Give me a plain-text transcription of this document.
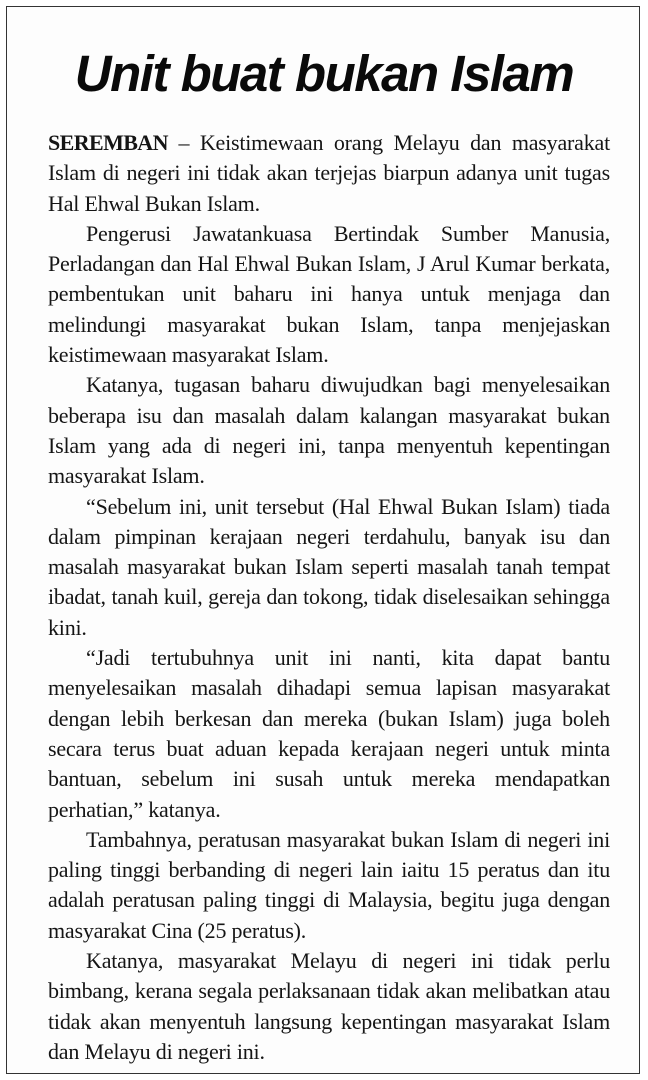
Unit buat bukan Islam

SEREMBAN – Keistimewaan orang Melayu dan masyarakat Islam di negeri ini tidak akan terjejas biarpun adanya unit tugas Hal Ehwal Bukan Islam.

Pengerusi Jawatankuasa Bertindak Sumber Manusia, Perladangan dan Hal Ehwal Bukan Islam, J Arul Kumar berkata, pembentukan unit baharu ini hanya untuk menjaga dan melindungi masyarakat bukan Islam, tanpa menjejaskan keistimewaan masyarakat Islam.

Katanya, tugasan baharu diwujudkan bagi menyelesaikan beberapa isu dan masalah dalam kalangan masyarakat bukan Islam yang ada di negeri ini, tanpa menyentuh kepentingan masyarakat Islam.

“Sebelum ini, unit tersebut (Hal Ehwal Bukan Islam) tiada dalam pimpinan kerajaan negeri terdahulu, banyak isu dan masalah masyarakat bukan Islam seperti masalah tanah tempat ibadat, tanah kuil, gereja dan tokong, tidak diselesaikan sehingga kini.

“Jadi tertubuhnya unit ini nanti, kita dapat bantu menyelesaikan masalah dihadapi semua lapisan masyarakat dengan lebih berkesan dan mereka (bukan Islam) juga boleh secara terus buat aduan kepada kerajaan negeri untuk minta bantuan, sebelum ini susah untuk mereka mendapatkan perhatian,” katanya.

Tambahnya, peratusan masyarakat bukan Islam di negeri ini paling tinggi berbanding di negeri lain iaitu 15 peratus dan itu adalah peratusan paling tinggi di Malaysia, begitu juga dengan masyarakat Cina (25 peratus).

Katanya, masyarakat Melayu di negeri ini tidak perlu bimbang, kerana segala perlaksanaan tidak akan melibatkan atau tidak akan menyentuh langsung kepentingan masyarakat Islam dan Melayu di negeri ini.
